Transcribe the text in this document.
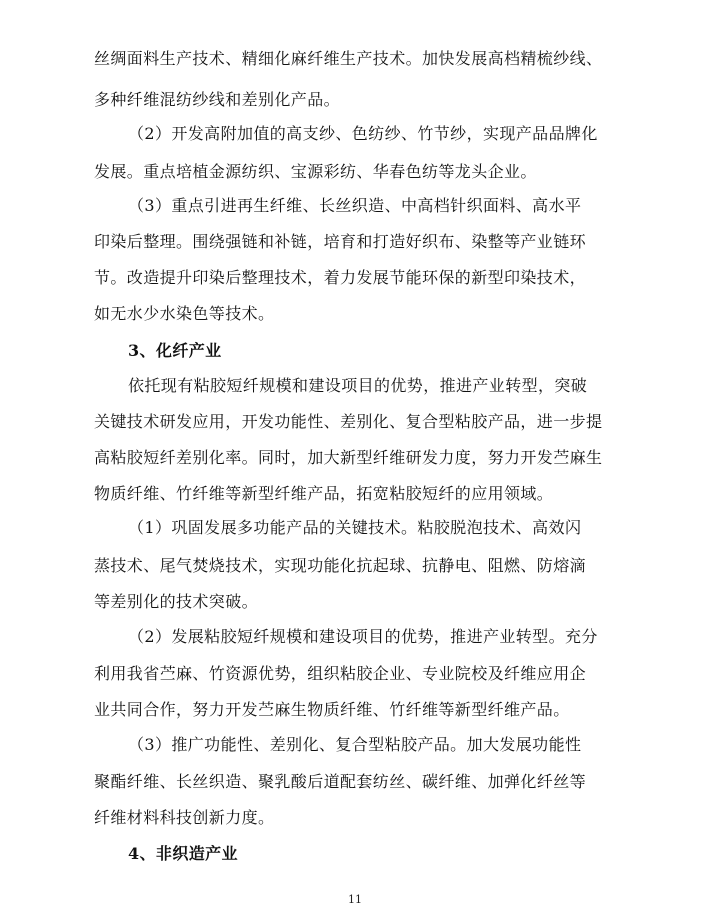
丝绸面料生产技术、精细化麻纤维生产技术。加快发展高档精梳纱线、
多种纤维混纺纱线和差别化产品。
（2）开发高附加值的高支纱、色纺纱、竹节纱，实现产品品牌化
发展。重点培植金源纺织、宝源彩纺、华春色纺等龙头企业。
（3）重点引进再生纤维、长丝织造、中高档针织面料、高水平
印染后整理。围绕强链和补链，培育和打造好织布、染整等产业链环
节。改造提升印染后整理技术，着力发展节能环保的新型印染技术，
如无水少水染色等技术。
3、化纤产业
依托现有粘胶短纤规模和建设项目的优势，推进产业转型，突破
关键技术研发应用，开发功能性、差别化、复合型粘胶产品，进一步提
高粘胶短纤差别化率。同时，加大新型纤维研发力度，努力开发苎麻生
物质纤维、竹纤维等新型纤维产品，拓宽粘胶短纤的应用领域。
（1）巩固发展多功能产品的关键技术。粘胶脱泡技术、高效闪
蒸技术、尾气焚烧技术，实现功能化抗起球、抗静电、阻燃、防熔滴
等差别化的技术突破。
（2）发展粘胶短纤规模和建设项目的优势，推进产业转型。充分
利用我省苎麻、竹资源优势，组织粘胶企业、专业院校及纤维应用企
业共同合作，努力开发苎麻生物质纤维、竹纤维等新型纤维产品。
（3）推广功能性、差别化、复合型粘胶产品。加大发展功能性
聚酯纤维、长丝织造、聚乳酸后道配套纺丝、碳纤维、加弹化纤丝等
纤维材料科技创新力度。
4、非织造产业
11
